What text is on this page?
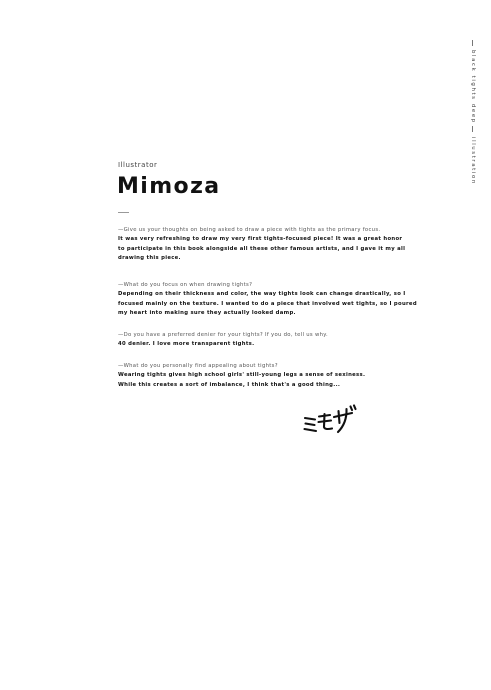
black tights deep
illustration
Illustrator
Mimoza
—Give us your thoughts on being asked to draw a piece with tights as the primary focus.
It was very refreshing to draw my very first tights-focused piece! It was a great honor
to participate in this book alongside all these other famous artists, and I gave it my all
drawing this piece.
—What do you focus on when drawing tights?
Depending on their thickness and color, the way tights look can change drastically, so I
focused mainly on the texture. I wanted to do a piece that involved wet tights, so I poured
my heart into making sure they actually looked damp.
—Do you have a preferred denier for your tights? If you do, tell us why.
40 denier. I love more transparent tights.
—What do you personally find appealing about tights?
Wearing tights gives high school girls' still-young legs a sense of sexiness.
While this creates a sort of imbalance, I think that's a good thing...
